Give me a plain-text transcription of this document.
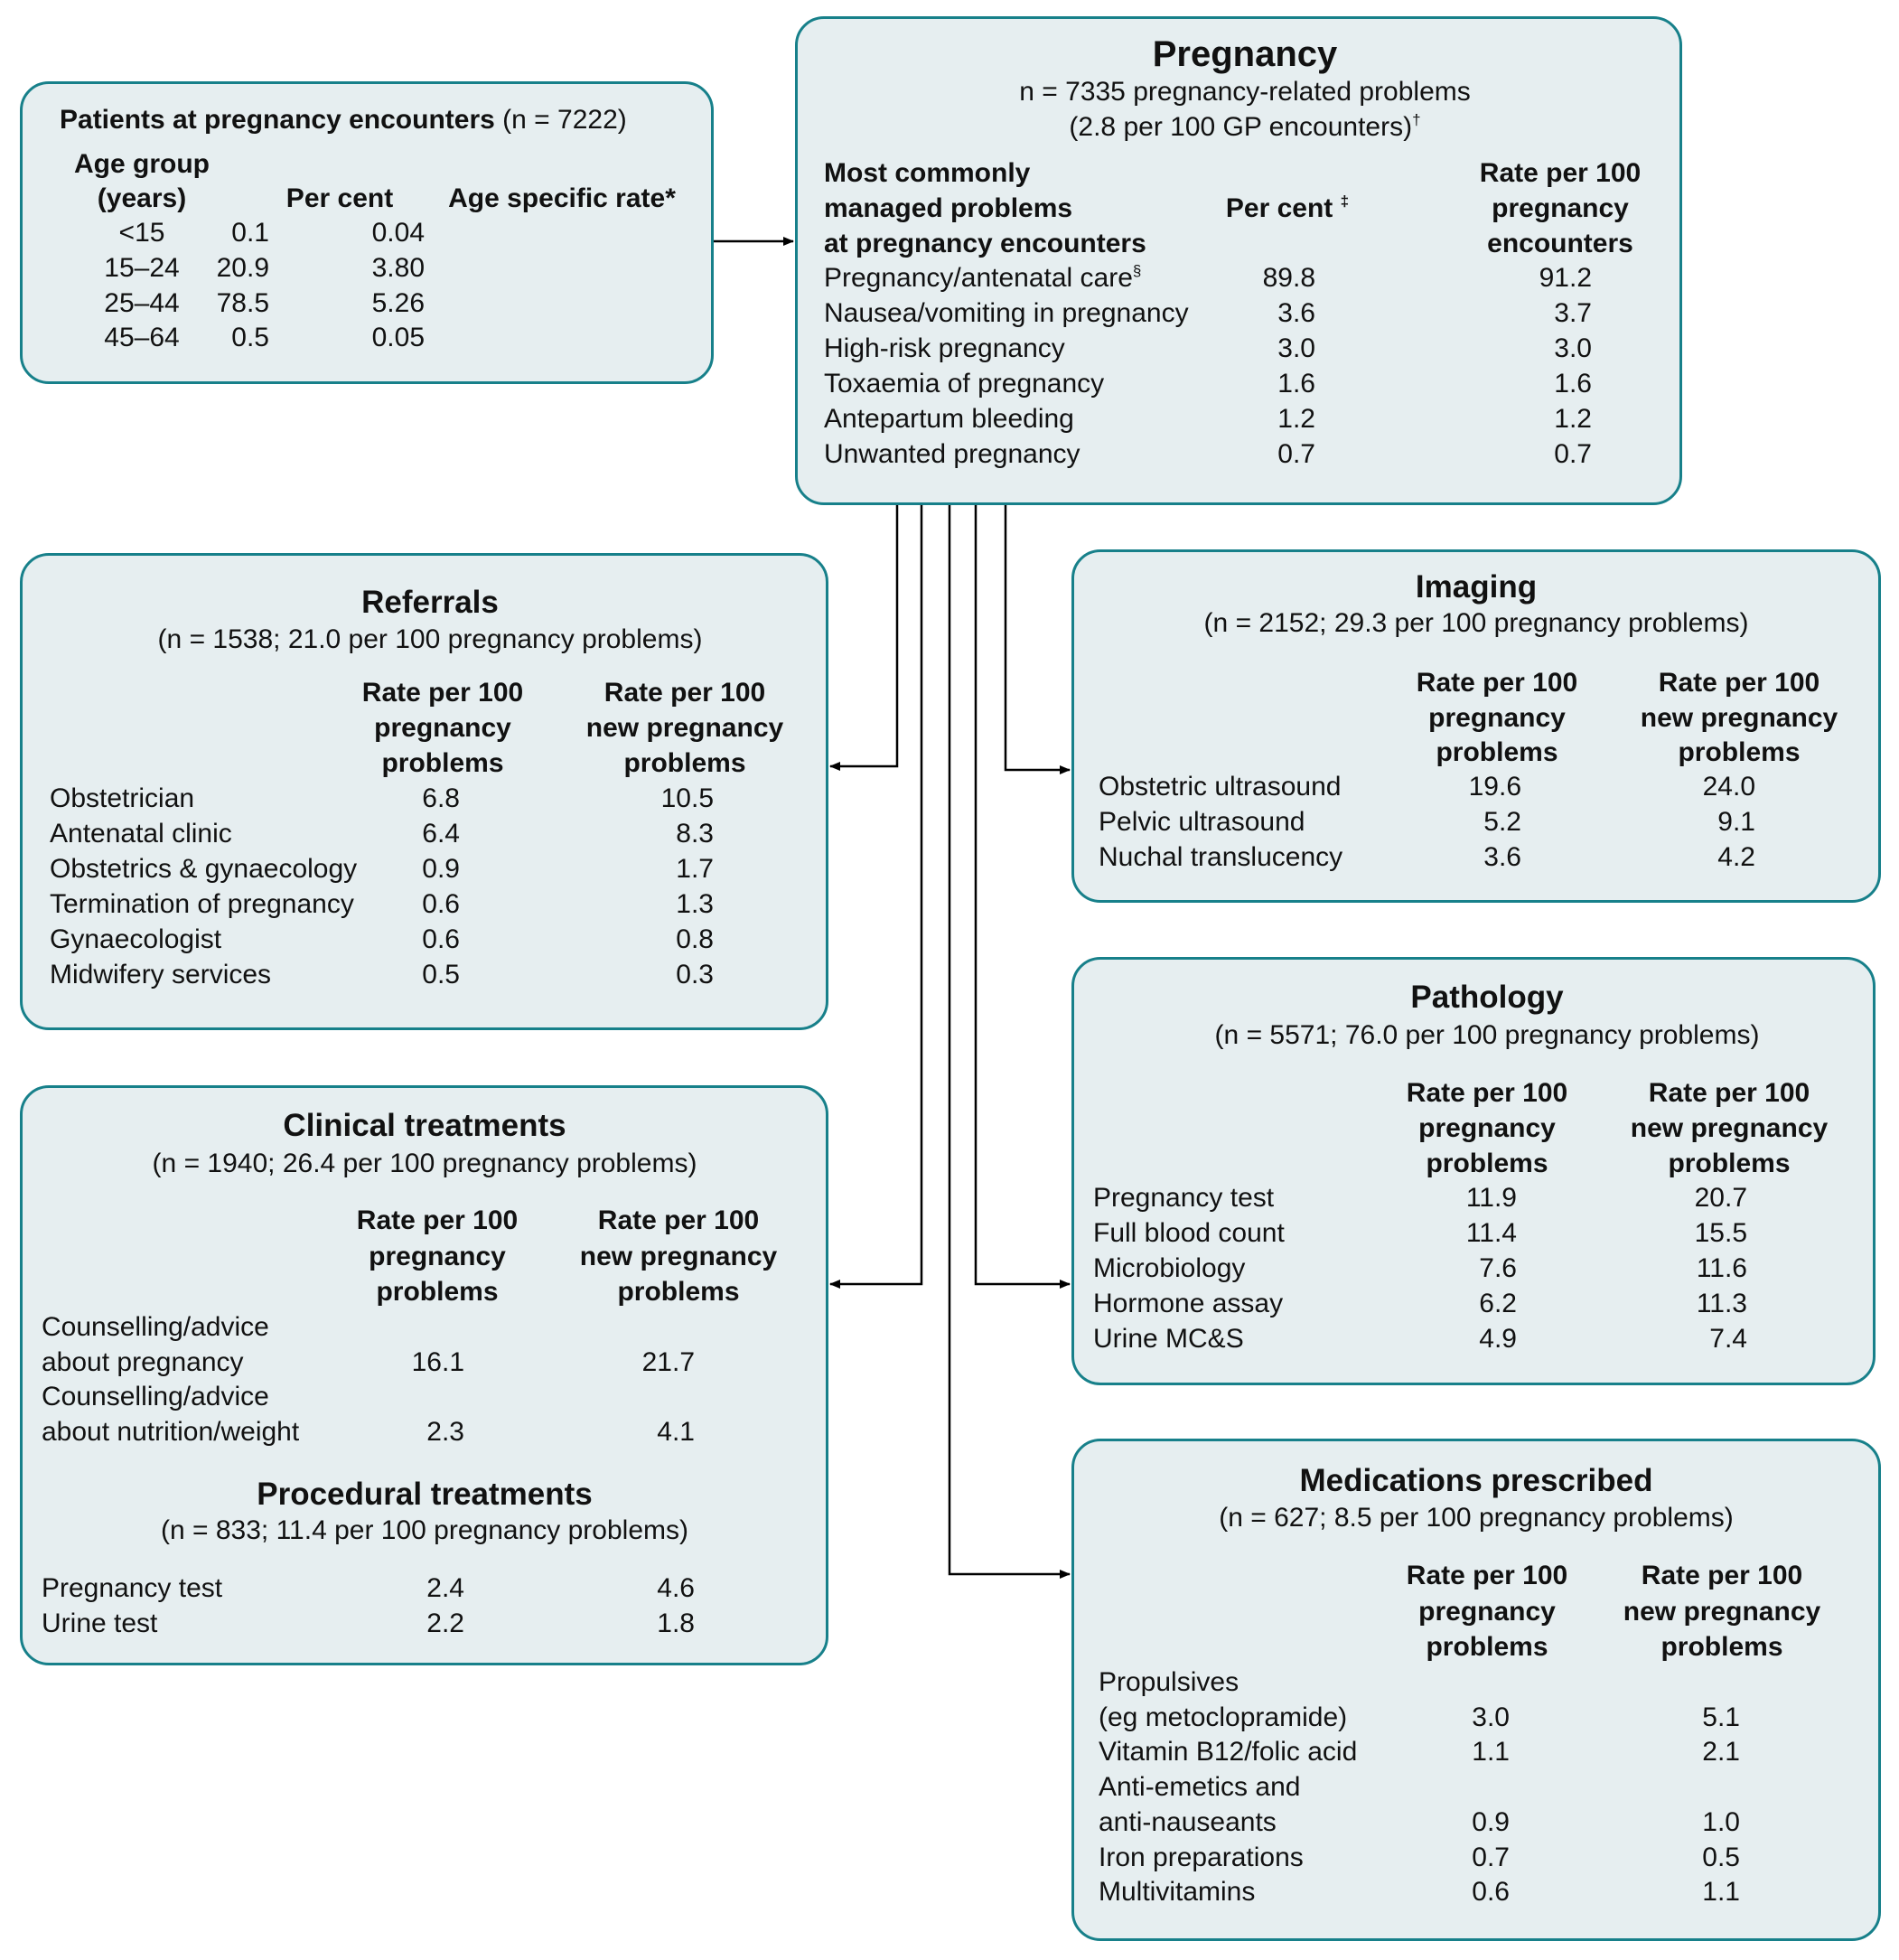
Patients at pregnancy encounters (n = 7222)
Age group
(years)	Per cent Age specific rate*
<15 0.1	0.04
15–24 20.9	3.80
25–44 78.5	5.26
45–64 0.5	0.05
Pregnancy
n = 7335 pregnancy-related problems
(2.8 per 100 GP encounters)†
Most commonly
managed problems
at pregnancy encounters
Per cent ‡
Rate per 100
pregnancy
encounters
Pregnancy/antenatal care§	89.8	91.2
Nausea/vomiting in pregnancy	3.6	3.7
High-risk pregnancy	3.0	3.0
Toxaemia of pregnancy	1.6	1.6
Antepartum bleeding	1.2	1.2
Unwanted pregnancy	0.7	0.7
Referrals
(n = 1538; 21.0 per 100 pregnancy problems)
Rate per 100	Rate per 100
pregnancy	new pregnancy
problems	problems
Obstetrician	6.8	10.5
Antenatal clinic	6.4	8.3
Obstetrics & gynaecology 0.9	1.7
Termination of pregnancy	0.6	1.3
Gynaecologist	0.6	0.8
Midwifery services	0.5	0.3
Imaging
(n = 2152; 29.3 per 100 pregnancy problems)
Rate per 100	Rate per 100
pregnancy	new pregnancy
problems	problems
Obstetric ultrasound	19.6	24.0
Pelvic ultrasound	5.2	9.1
Nuchal translucency	3.6	4.2
Pathology
(n = 5571; 76.0 per 100 pregnancy problems)
Rate per 100	Rate per 100
pregnancy	new pregnancy
problems	problems
Pregnancy test	11.9	20.7
Full blood count	11.4	15.5
Microbiology	7.6	11.6
Hormone assay	6.2	11.3
Urine MC&S	4.9	7.4
Clinical treatments
(n = 1940; 26.4 per 100 pregnancy problems)
Procedural treatments
(n = 833; 11.4 per 100 pregnancy problems)
Rate per 100	Rate per 100
pregnancy	new pregnancy
problems	problems
Counselling/advice
about pregnancy	16.1	21.7
Counselling/advice
about nutrition/weight	2.3	4.1
Pregnancy test	2.4	4.6
Urine test	2.2	1.8
Medications prescribed
(n = 627; 8.5 per 100 pregnancy problems)
Rate per 100	Rate per 100
pregnancy new pregnancy
problems	problems
Propulsives
(eg metoclopramide)	3.0	5.1
Vitamin B12/folic acid	1.1	2.1
Anti-emetics and
anti-nauseants	0.9	1.0
Iron preparations	0.7	0.5
Multivitamins	0.6	1.1
